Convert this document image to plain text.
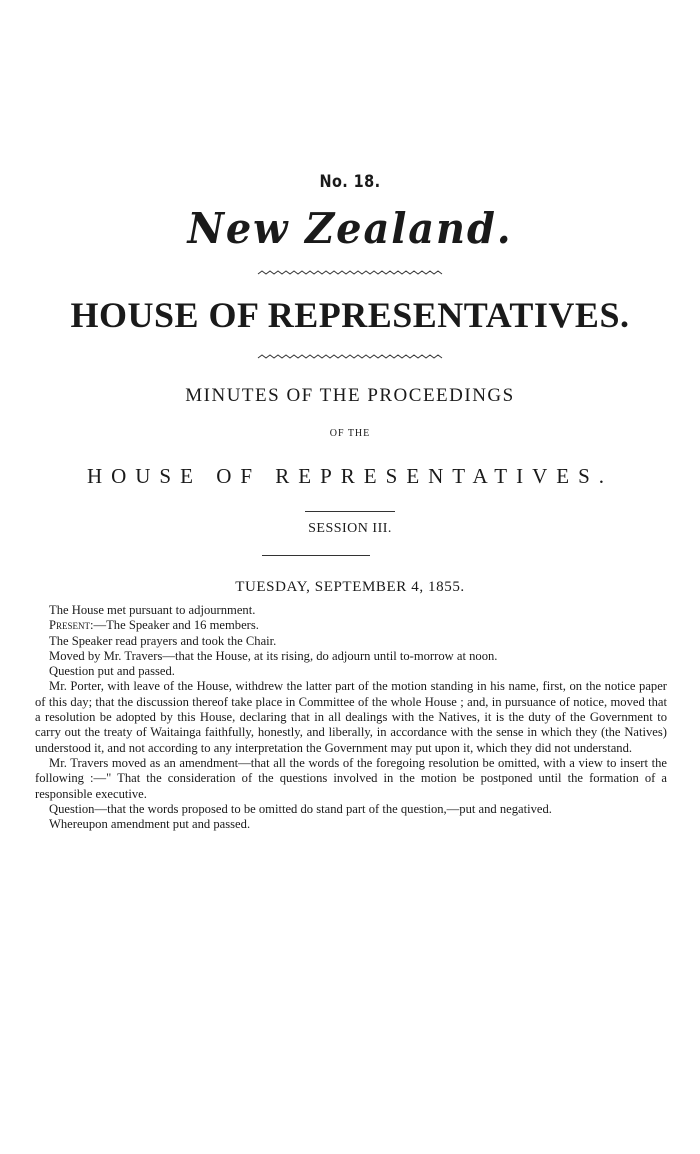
No. 18.
New Zealand.
HOUSE OF REPRESENTATIVES.
MINUTES OF THE PROCEEDINGS
OF THE
HOUSE OF REPRESENTATIVES.
SESSION III.
TUESDAY, SEPTEMBER 4, 1855.

The House met pursuant to adjournment.

Present:—The Speaker and 16 members.

The Speaker read prayers and took the Chair.

Moved by Mr. Travers—that the House, at its rising, do adjourn until to-morrow at noon.

Question put and passed.

Mr. Porter, with leave of the House, withdrew the latter part of the motion standing in his name, first, on the notice paper of this day; that the discussion thereof take place in Committee of the whole House ; and, in pursuance of notice, moved that a resolution be adopted by this House, declaring that in all dealings with the Natives, it is the duty of the Government to carry out the treaty of Waitainga faithfully, honestly, and liberally, in accordance with the sense in which they (the Natives) understood it, and not according to any interpretation the Government may put upon it, which they did not understand.

Mr. Travers moved as an amendment—that all the words of the foregoing resolution be omitted, with a view to insert the following :—" That the consideration of the questions involved in the motion be postponed until the formation of a responsible executive.

Question—that the words proposed to be omitted do stand part of the question,—put and negatived.

Whereupon amendment put and passed.
